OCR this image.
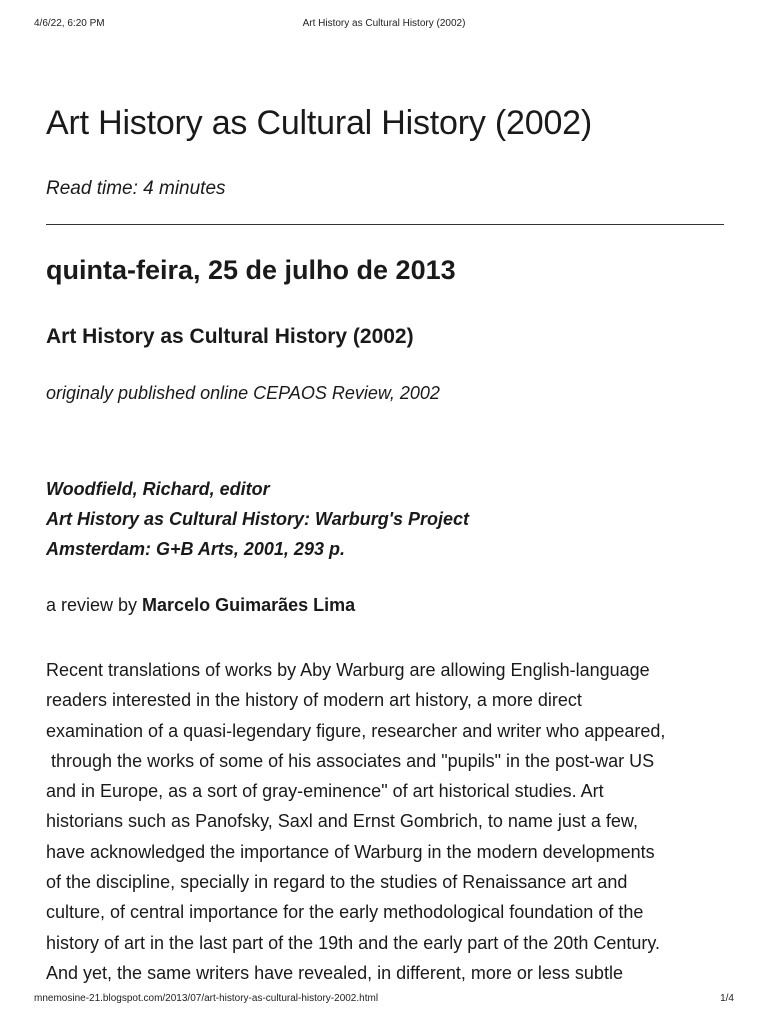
4/6/22, 6:20 PM	Art History as Cultural History (2002)
Art History as Cultural History (2002)

Read time: 4 minutes

quinta-feira, 25 de julho de 2013
Art History as Cultural History (2002)

originaly published online CEPAOS Review, 2002

Woodfield, Richard, editor
Art History as Cultural History: Warburg's Project
Amsterdam: G+B Arts, 2001, 293 p.

a review by Marcelo Guimarães Lima

Recent translations of works by Aby Warburg are allowing English-language
readers interested in the history of modern art history, a more direct
examination of a quasi-legendary figure, researcher and writer who appeared,
through the works of some of his associates and "pupils" in the post-war US
and in Europe, as a sort of gray-eminence" of art historical studies. Art
historians such as Panofsky, Saxl and Ernst Gombrich, to name just a few,
have acknowledged the importance of Warburg in the modern developments
of the discipline, specially in regard to the studies of Renaissance art and
culture, of central importance for the early methodological foundation of the
history of art in the last part of the 19th and the early part of the 20th Century.
And yet, the same writers have revealed, in different, more or less subtle

mnemosine-21.blogspot.com/2013/07/art-history-as-cultural-history-2002.html	1/4
